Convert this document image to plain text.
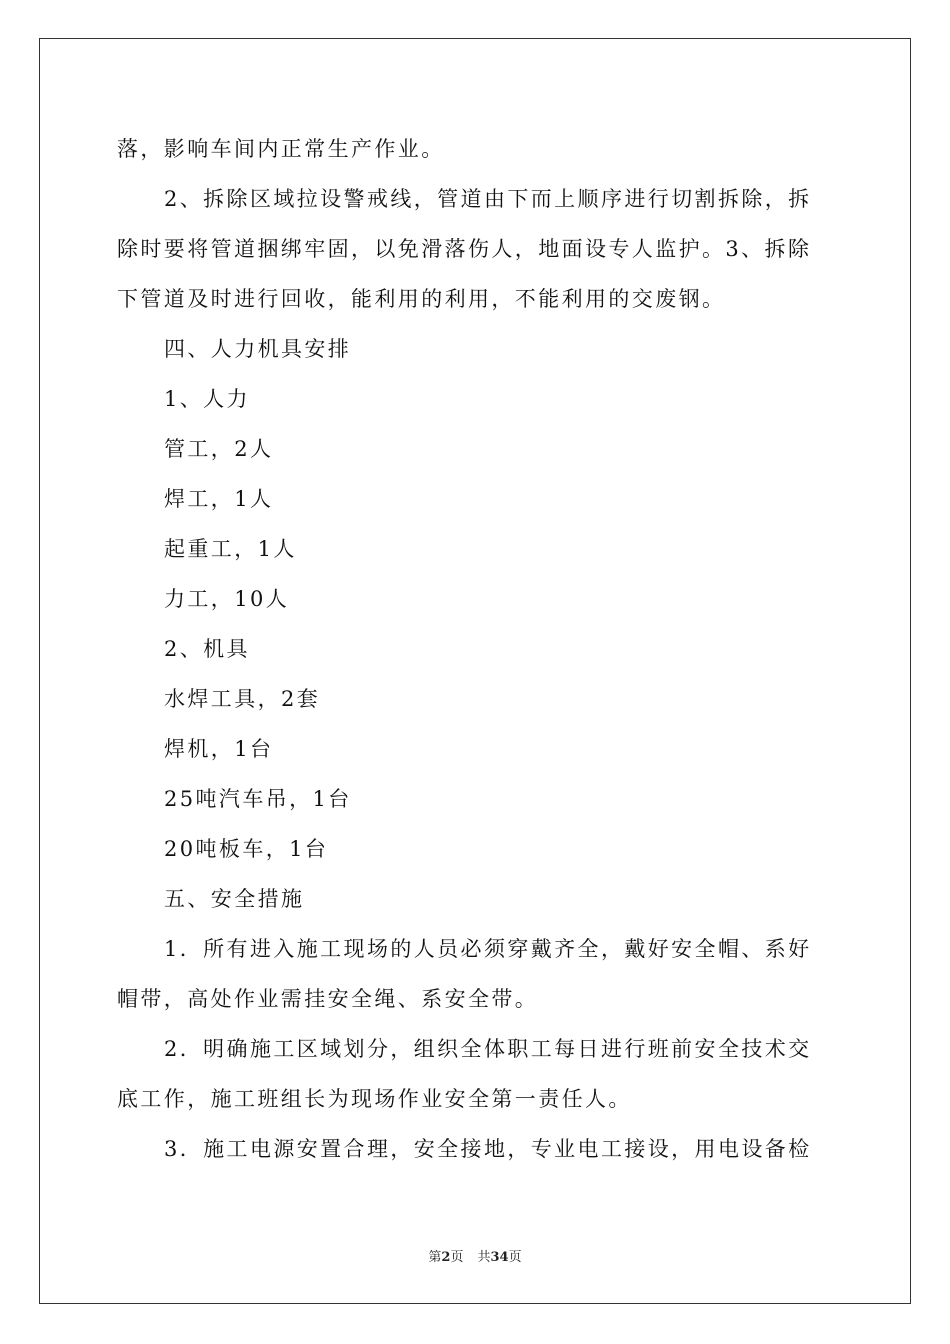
落，影响车间内正常生产作业。
2、拆除区域拉设警戒线，管道由下而上顺序进行切割拆除，拆
除时要将管道捆绑牢固，以免滑落伤人，地面设专人监护。3、拆除
下管道及时进行回收，能利用的利用，不能利用的交废钢。
四、人力机具安排
1、人力
管工，2人
焊工，1人
起重工，1人
力工，10人
2、机具
水焊工具，2套
焊机，1台
25吨汽车吊，1台
20吨板车，1台
五、安全措施
1．所有进入施工现场的人员必须穿戴齐全，戴好安全帽、系好
帽带，高处作业需挂安全绳、系安全带。
2．明确施工区域划分，组织全体职工每日进行班前安全技术交
底工作，施工班组长为现场作业安全第一责任人。
3．施工电源安置合理，安全接地，专业电工接设，用电设备检
第2页 共34页
